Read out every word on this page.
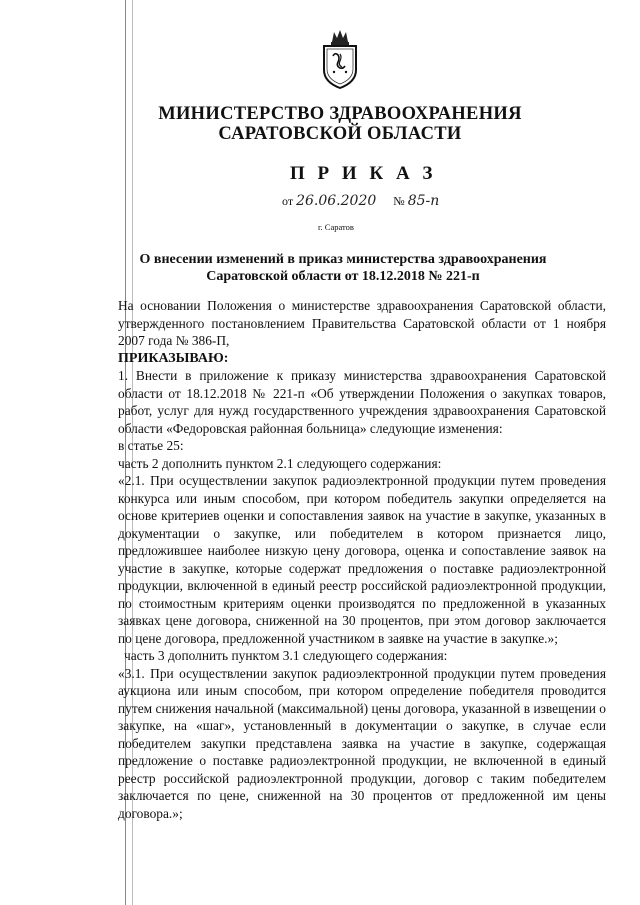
МИНИСТЕРСТВО ЗДРАВООХРАНЕНИЯ
САРАТОВСКОЙ ОБЛАСТИ
П Р И К А З
от 26.06.2020 № 85-п
г. Саратов
О внесении изменений в приказ министерства здравоохранения
Саратовской области от 18.12.2018 № 221-п

На основании Положения о министерстве здравоохранения Саратовской области, утвержденного постановлением Правительства Саратовской области от 1 ноября 2007 года № 386-П,

ПРИКАЗЫВАЮ:

1. Внести в приложение к приказу министерства здравоохранения Саратовской области от 18.12.2018 № 221-п «Об утверждении Положения о закупках товаров, работ, услуг для нужд государственного учреждения здравоохранения Саратовской области «Федоровская районная больница» следующие изменения:

в статье 25:

часть 2 дополнить пунктом 2.1 следующего содержания:

«2.1. При осуществлении закупок радиоэлектронной продукции путем проведения конкурса или иным способом, при котором победитель закупки определяется на основе критериев оценки и сопоставления заявок на участие в закупке, указанных в документации о закупке, или победителем в котором признается лицо, предложившее наиболее низкую цену договора, оценка и сопоставление заявок на участие в закупке, которые содержат предложения о поставке радиоэлектронной продукции, включенной в единый реестр российской радиоэлектронной продукции, по стоимостным критериям оценки производятся по предложенной в указанных заявках цене договора, сниженной на 30 процентов, при этом договор заключается по цене договора, предложенной участником в заявке на участие в закупке.»;

часть 3 дополнить пунктом 3.1 следующего содержания:

«3.1. При осуществлении закупок радиоэлектронной продукции путем проведения аукциона или иным способом, при котором определение победителя проводится путем снижения начальной (максимальной) цены договора, указанной в извещении о закупке, на «шаг», установленный в документации о закупке, в случае если победителем закупки представлена заявка на участие в закупке, содержащая предложение о поставке радиоэлектронной продукции, не включенной в единый реестр российской радиоэлектронной продукции, договор с таким победителем заключается по цене, сниженной на 30 процентов от предложенной им цены договора.»;
